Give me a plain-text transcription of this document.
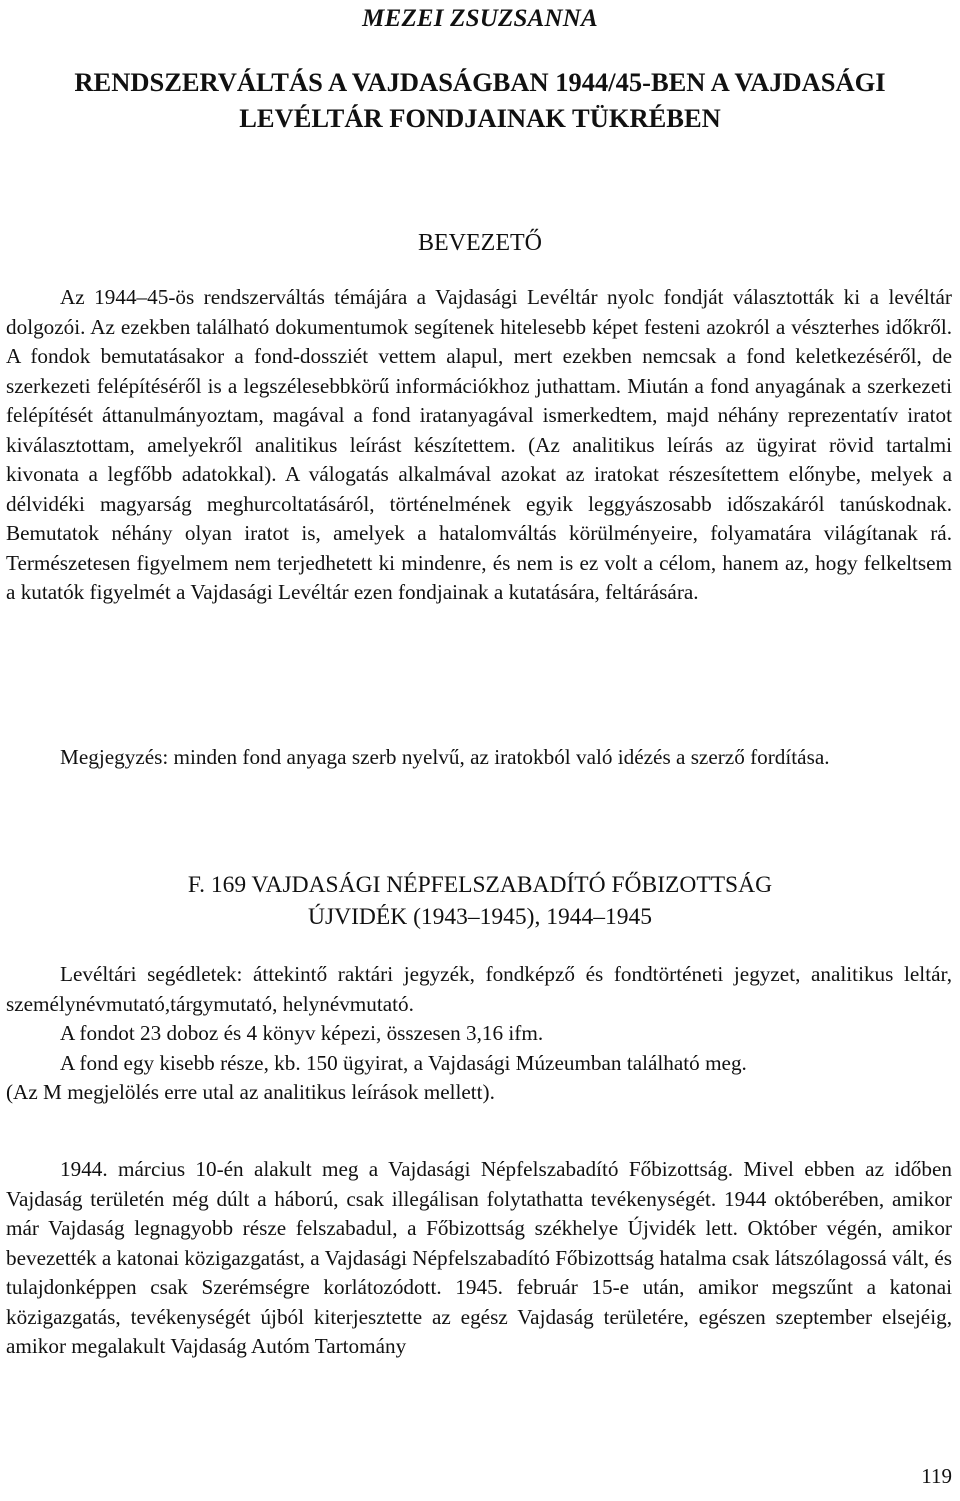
MEZEI ZSUZSANNA
RENDSZERVÁLTÁS A VAJDASÁGBAN 1944/45-BEN A VAJDASÁGI
LEVÉLTÁR FONDJAINAK TÜKRÉBEN
BEVEZETŐ

Az 1944–45-ös rendszerváltás témájára a Vajdasági Levéltár nyolc fondját választották ki a levéltár dolgozói. Az ezekben található dokumentumok segítenek hitelesebb képet festeni azokról a vészterhes időkről. A fondok bemutatásakor a fond-dossziét vettem alapul, mert ezekben nemcsak a fond keletkezéséről, de szerkezeti felépítéséről is a legszélesebbkörű információkhoz juthattam. Miután a fond anyagának a szerkezeti felépítését áttanulmányoztam, magával a fond iratanyagával ismerkedtem, majd néhány reprezentatív iratot kiválasztottam, amelyekről analitikus leírást készítettem. (Az analitikus leírás az ügyirat rövid tartalmi kivonata a legfőbb adatokkal). A válogatás alkalmával azokat az iratokat részesítettem előnybe, melyek a délvidéki magyarság meghurcoltatásáról, történelmének egyik leggyászosabb időszakáról tanúskodnak. Bemutatok néhány olyan iratot is, amelyek a hatalomváltás körülményeire, folyamatára világítanak rá. Természetesen figyelmem nem terjedhetett ki mindenre, és nem is ez volt a célom, hanem az, hogy felkeltsem a kutatók figyelmét a Vajdasági Levéltár ezen fondjainak a kutatására, feltárására.

Megjegyzés: minden fond anyaga szerb nyelvű, az iratokból való idézés a szerző fordítása.

F. 169 VAJDASÁGI NÉPFELSZABADÍTÓ FŐBIZOTTSÁG
ÚJVIDÉK (1943–1945), 1944–1945

Levéltári segédletek: áttekintő raktári jegyzék, fondképző és fondtörténeti jegyzet, analitikus leltár, személynévmutató,tárgymutató, helynévmutató.

A fondot 23 doboz és 4 könyv képezi, összesen 3,16 ifm.

A fond egy kisebb része, kb. 150 ügyirat, a Vajdasági Múzeumban található meg.

(Az M megjelölés erre utal az analitikus leírások mellett).

1944. március 10-én alakult meg a Vajdasági Népfelszabadító Főbizottság. Mivel ebben az időben Vajdaság területén még dúlt a háború, csak illegálisan folytathatta tevékenységét. 1944 októberében, amikor már Vajdaság legnagyobb része felszabadul, a Főbizottság székhelye Újvidék lett. Október végén, amikor bevezették a katonai közigazgatást, a Vajdasági Népfelszabadító Főbizottság hatalma csak látszólagossá vált, és tulajdonképpen csak Szerémségre korlátozódott. 1945. február 15-e után, amikor megszűnt a katonai közigazgatás, tevékenységét újból kiterjesztette az egész Vajdaság területére, egészen szeptember elsejéig, amikor megalakult Vajdaság Autóm Tartomány

119
